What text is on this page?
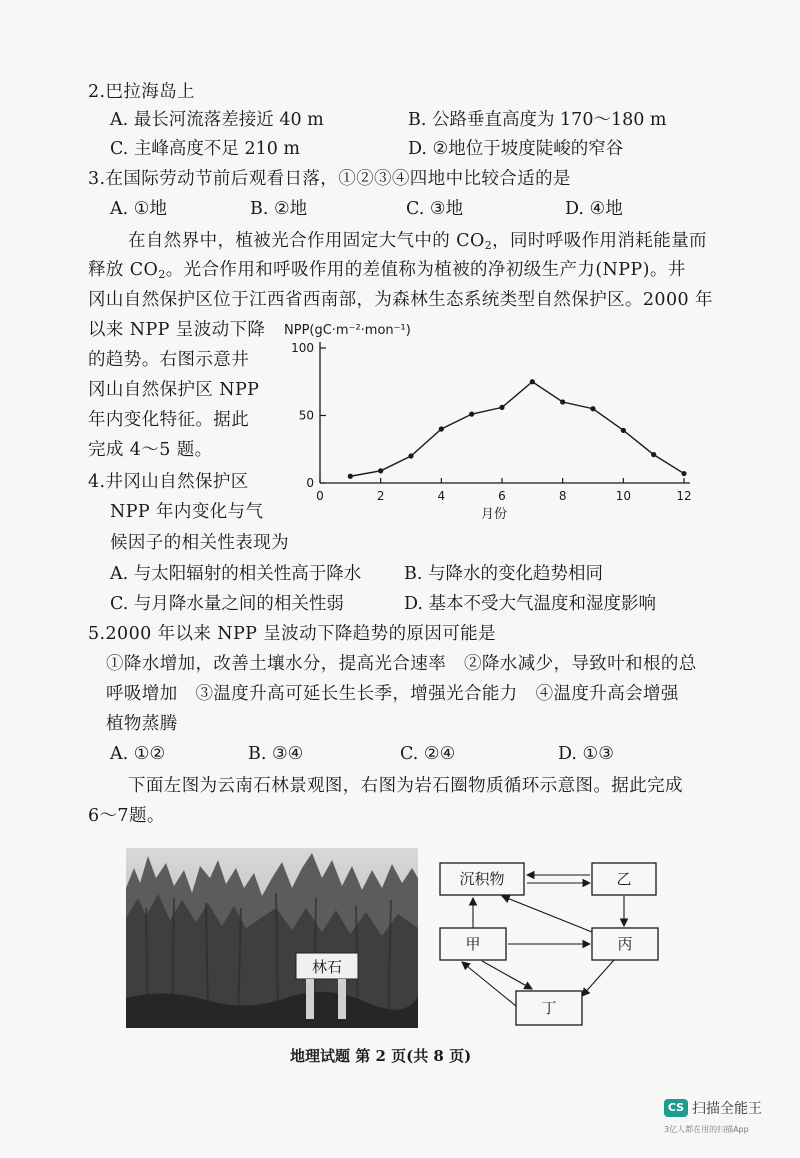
2.巴拉海岛上
A. 最长河流落差接近 40 m	B. 公路垂直高度为 170～180 m
C. 主峰高度不足 210 m	D. ②地位于坡度陡峻的窄谷
3.在国际劳动节前后观看日落，①②③④四地中比较合适的是
A. ①地	B. ②地	C. ③地	D. ④地
在自然界中，植被光合作用固定大气中的 $CO_2$，同时呼吸作用消耗能量而
释放 $CO_2$。光合作用和呼吸作用的差值称为植被的净初级生产力(NPP)。井
冈山自然保护区位于江西省西南部，为森林生态系统类型自然保护区。2000 年
以来 NPP 呈波动下降
的趋势。右图示意井
冈山自然保护区 NPP
年内变化特征。据此
完成 4～5 题。
NPP(gC·m⁻²·mon⁻¹)
0
50
100
0	2	4	6	8	10	12
月份
4.井冈山自然保护区
NPP 年内变化与气
候因子的相关性表现为
A. 与太阳辐射的相关性高于降水 B. 与降水的变化趋势相同
C. 与月降水量之间的相关性弱	D. 基本不受大气温度和湿度影响
5.2000 年以来 NPP 呈波动下降趋势的原因可能是
①降水增加，改善土壤水分，提高光合速率　②降水减少，导致叶和根的总
呼吸增加　③温度升高可延长生长季，增强光合能力　④温度升高会增强
植物蒸腾
A. ①②	B. ③④	C. ②④	D. ①③
下面左图为云南石林景观图，右图为岩石圈物质循环示意图。据此完成
6～7题。
林石
沉积物	乙
甲	丙
丁
地理试题 第 2 页(共 8 页)
CS 扫描全能王
3亿人都在用的扫描App
